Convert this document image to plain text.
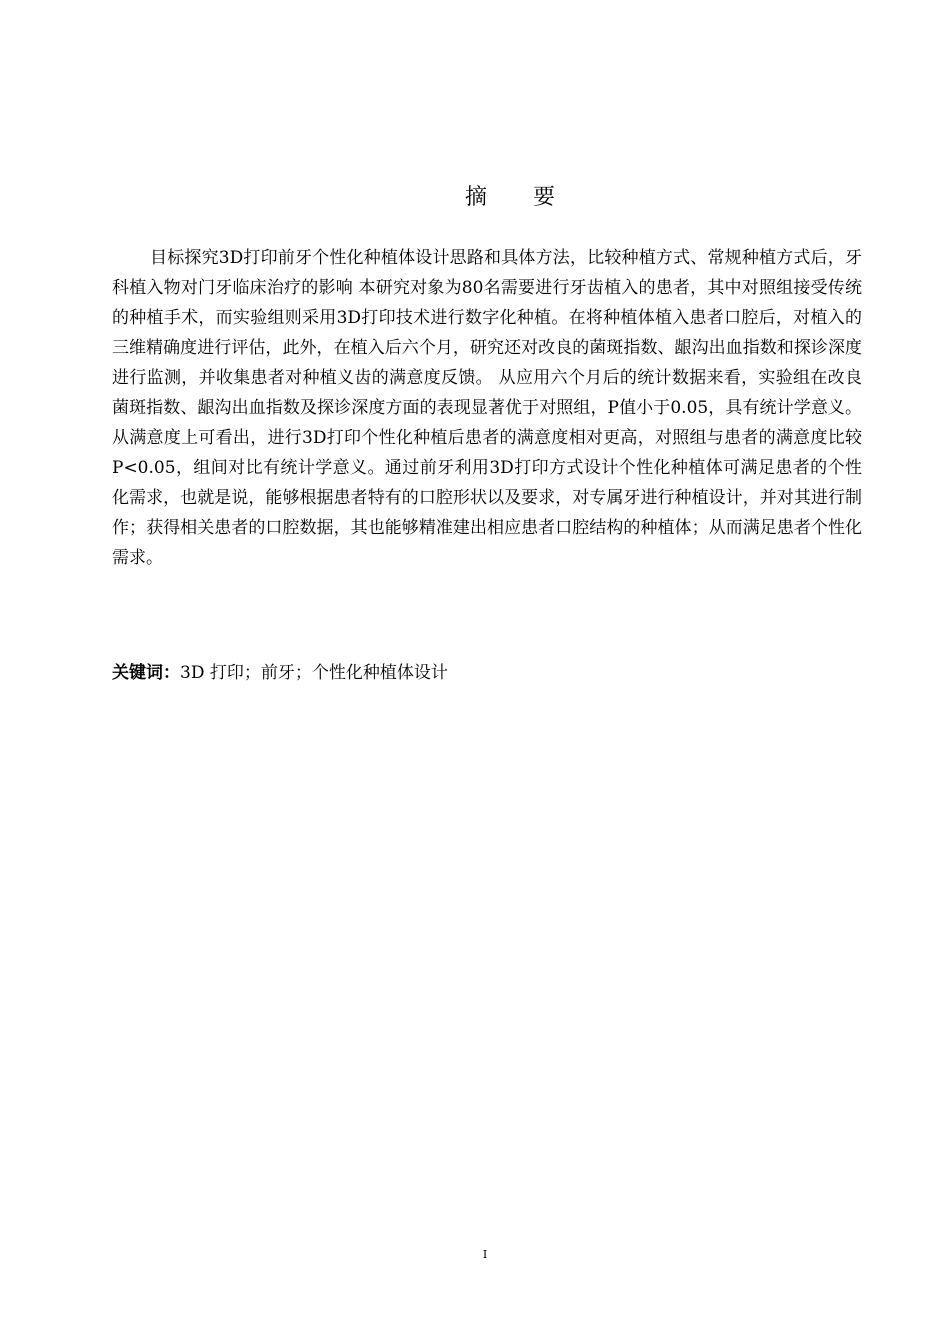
摘 要

目标探究3D打印前牙个性化种植体设计思路和具体方法，比较种植方式、常规种植方式后，牙科植入物对门牙临床治疗的影响 本研究对象为80名需要进行牙齿植入的患者，其中对照组接受传统的种植手术，而实验组则采用3D打印技术进行数字化种植。在将种植体植入患者口腔后，对植入的三维精确度进行评估，此外，在植入后六个月，研究还对改良的菌斑指数、龈沟出血指数和探诊深度进行监测，并收集患者对种植义齿的满意度反馈。 从应用六个月后的统计数据来看，实验组在改良菌斑指数、龈沟出血指数及探诊深度方面的表现显著优于对照组，P值小于0.05，具有统计学意义。从满意度上可看出，进行3D打印个性化种植后患者的满意度相对更高，对照组与患者的满意度比较P<0.05，组间对比有统计学意义。通过前牙利用3D打印方式设计个性化种植体可满足患者的个性化需求，也就是说，能够根据患者特有的口腔形状以及要求，对专属牙进行种植设计，并对其进行制作；获得相关患者的口腔数据，其也能够精准建出相应患者口腔结构的种植体；从而满足患者个性化需求。

关键词：3D 打印；前牙；个性化种植体设计

I
